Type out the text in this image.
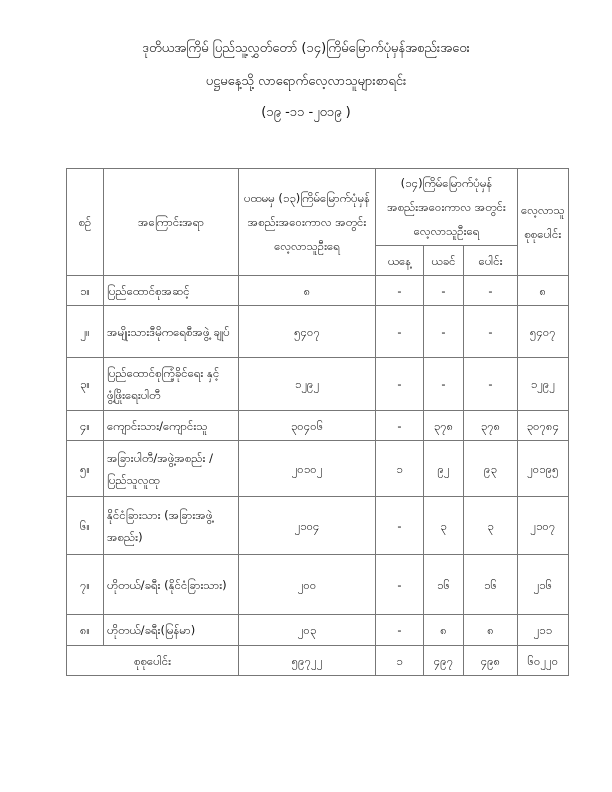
ဒုတိယအကြိမ် ပြည်သူ့လွှတ်တော် (၁၄)ကြိမ်မြောက်ပုံမှန်အစည်းအဝေး
ပဋ္ဌမနေ့သို့ လာရောက်လေ့လာသူများစာရင်း
(၁၉ -၁၁ -၂၀၁၉ )
စဉ်	အကြောင်းအရာ	ပထမမှ (၁၃)ကြိမ်မြောက်ပုံမှန် အစည်းအဝေးကာလ အတွင်းလေ့လာသူဦးရေ	(၁၄)ကြိမ်မြောက်ပုံမှန် အစည်းအဝေးကာလ အတွင်းလေ့လာသူဦးရေ			လေ့လာသူ စုစုပေါင်း
			ယနေ့	ယခင်	ပေါင်း	
၁။	ပြည်ထောင်စုအဆင့်	၈	-	-	-	၈
၂။	အမျိုးသားဒီမိုကရေစီအဖွဲ့ ချုပ်	၅၄၀၇	-	-	-	၅၄၀၇
၃။	ပြည်ထောင်စုကြံ့ခိုင်ရေး နှင့်ဖွံ့ဖြိုးရေးပါတီ	၁၂၉၂	-	-	-	၁၂၉၂
၄။	ကျောင်းသား/ကျောင်းသူ	၃၀၄၀၆	-	၃၇၈	၃၇၈	၃၀၇၈၄
၅။	အခြားပါတီ/အဖွဲ့အစည်း /ပြည်သူလူထု	၂၀၁၀၂	၁	၉၂	၉၃	၂၀၁၉၅
၆။	နိုင်ငံခြားသား (အခြားအဖွဲ့အစည်း)	၂၁၀၄	-	၃	၃	၂၁၀၇
၇။	ဟိုတယ်/ခရီး (နိုင်ငံခြားသား)	၂၀၀	-	၁၆	၁၆	၂၁၆
၈။	ဟိုတယ်/ခရီး(မြန်မာ)	၂၀၃	-	၈	၈	၂၁၁
စုစုပေါင်း		၅၉၇၂၂	၁	၄၉၇	၄၉၈	၆၀၂၂၀
